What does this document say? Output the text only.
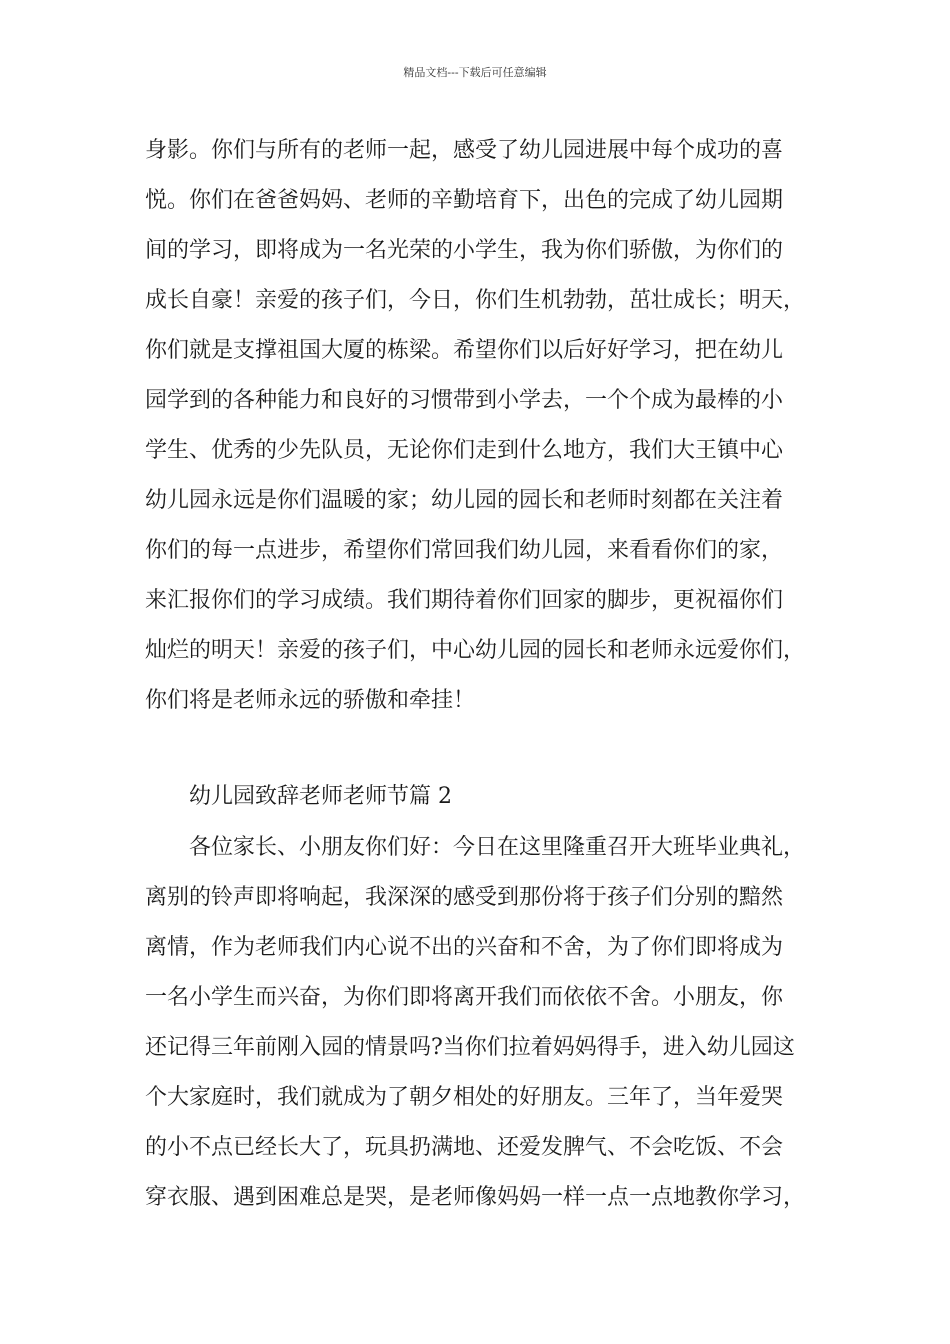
精品文档---下载后可任意编辑
身影。你们与所有的老师一起，感受了幼儿园进展中每个成功的喜
悦。你们在爸爸妈妈、老师的辛勤培育下，出色的完成了幼儿园期
间的学习，即将成为一名光荣的小学生，我为你们骄傲，为你们的
成长自豪！亲爱的孩子们，今日，你们生机勃勃，茁壮成长；明天，
你们就是支撑祖国大厦的栋梁。希望你们以后好好学习，把在幼儿
园学到的各种能力和良好的习惯带到小学去，一个个成为最棒的小
学生、优秀的少先队员，无论你们走到什么地方，我们大王镇中心
幼儿园永远是你们温暖的家；幼儿园的园长和老师时刻都在关注着
你们的每一点进步，希望你们常回我们幼儿园，来看看你们的家，
来汇报你们的学习成绩。我们期待着你们回家的脚步，更祝福你们
灿烂的明天！亲爱的孩子们，中心幼儿园的园长和老师永远爱你们，
你们将是老师永远的骄傲和牵挂！
幼儿园致辞老师老师节篇 2
各位家长、小朋友你们好：今日在这里隆重召开大班毕业典礼，
离别的铃声即将响起，我深深的感受到那份将于孩子们分别的黯然
离情，作为老师我们内心说不出的兴奋和不舍，为了你们即将成为
一名小学生而兴奋，为你们即将离开我们而依依不舍。小朋友，你
还记得三年前刚入园的情景吗?当你们拉着妈妈得手，进入幼儿园这
个大家庭时，我们就成为了朝夕相处的好朋友。三年了，当年爱哭
的小不点已经长大了，玩具扔满地、还爱发脾气、不会吃饭、不会
穿衣服、遇到困难总是哭，是老师像妈妈一样一点一点地教你学习，
